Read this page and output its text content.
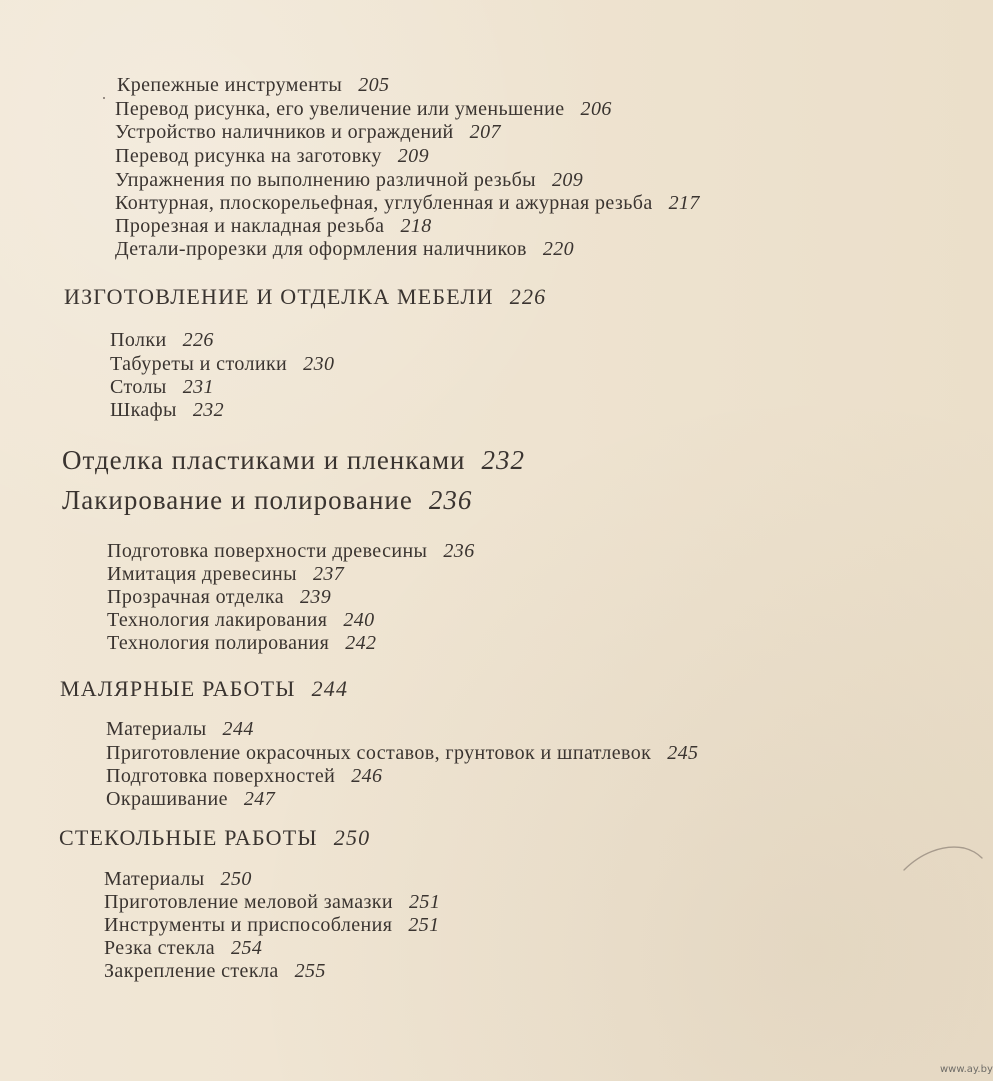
Крепежные инструменты 205
Перевод рисунка, его увеличение или уменьшение 206
Устройство наличников и ограждений 207
Перевод рисунка на заготовку 209
Упражнения по выполнению различной резьбы 209
Контурная, плоскорельефная, углубленная и ажурная резьба 217
Прорезная и накладная резьба 218
Детали-прорезки для оформления наличников 220
ИЗГОТОВЛЕНИЕ И ОТДЕЛКА МЕБЕЛИ 226
Полки 226
Табуреты и столики 230
Столы 231
Шкафы 232
Отделка пластиками и пленками 232
Лакирование и полирование 236
Подготовка поверхности древесины 236
Имитация древесины 237
Прозрачная отделка 239
Технология лакирования 240
Технология полирования 242
МАЛЯРНЫЕ РАБОТЫ 244
Материалы 244
Приготовление окрасочных составов, грунтовок и шпатлевок 245
Подготовка поверхностей 246
Окрашивание 247
СТЕКОЛЬНЫЕ РАБОТЫ 250
Материалы 250
Приготовление меловой замазки 251
Инструменты и приспособления 251
Резка стекла 254
Закрепление стекла 255
www.ay.by
